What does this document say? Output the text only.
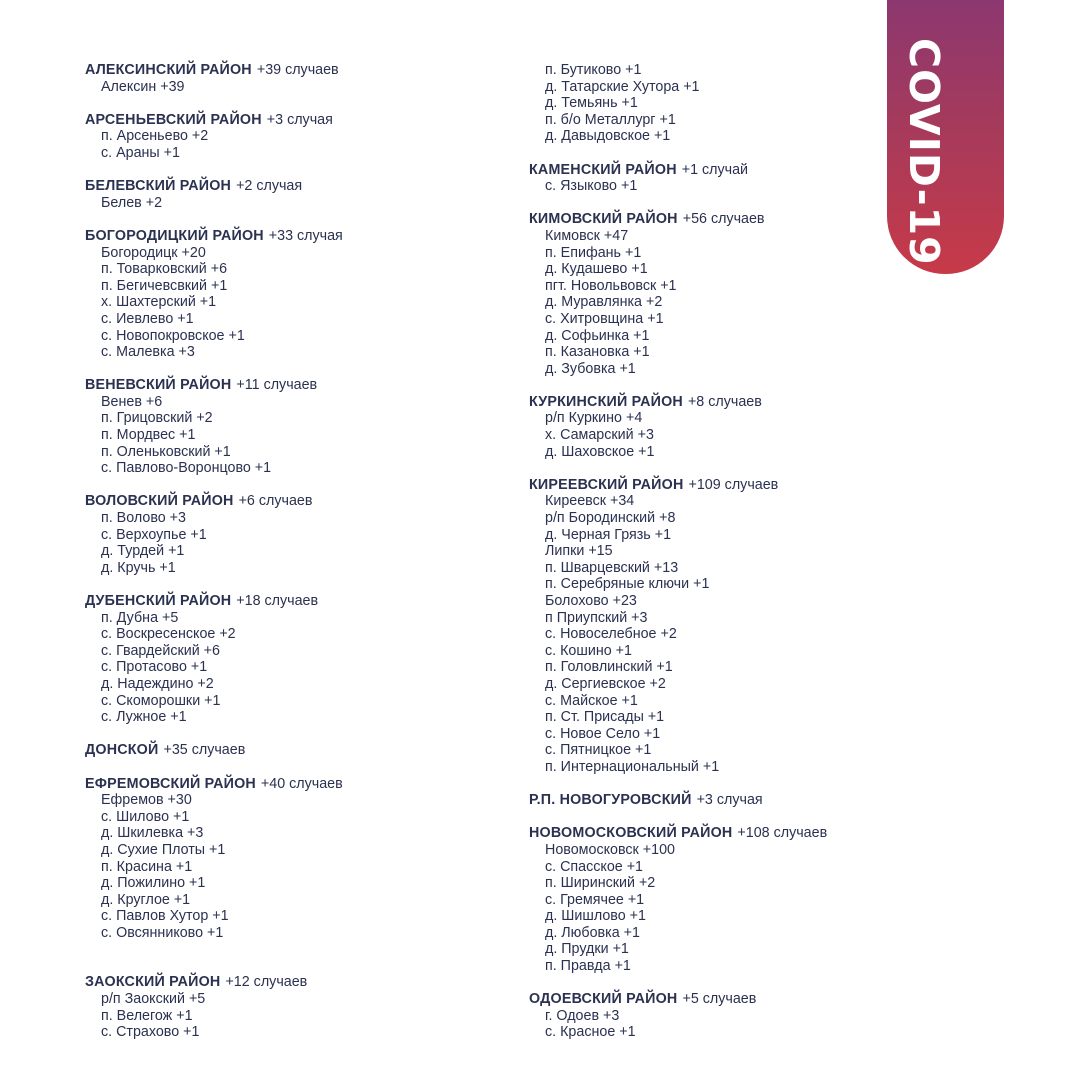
COVID-19
АЛЕКСИНСКИЙ РАЙОН +39 случаев
Алексин +39
АРСЕНЬЕВСКИЙ РАЙОН +3 случая
п. Арсеньево +2
с. Араны +1
БЕЛЕВСКИЙ РАЙОН +2 случая
Белев +2
БОГОРОДИЦКИЙ РАЙОН +33 случая
Богородицк +20
п. Товарковский +6
п. Бегичевсвкий +1
х. Шахтерский +1
с. Иевлево +1
с. Новопокровское +1
с. Малевка +3
ВЕНЕВСКИЙ РАЙОН +11 случаев
Венев +6
п. Грицовский +2
п. Мордвес +1
п. Оленьковский +1
с. Павлово-Воронцово +1
ВОЛОВСКИЙ РАЙОН +6 случаев
п. Волово +3
с. Верхоупье +1
д. Турдей +1
д. Кручь +1
ДУБЕНСКИЙ РАЙОН +18 случаев
п. Дубна +5
с. Воскресенское +2
с. Гвардейский +6
с. Протасово +1
д. Надеждино +2
с. Скоморошки +1
с. Лужное +1
ДОНСКОЙ +35 случаев
ЕФРЕМОВСКИЙ РАЙОН +40 случаев
Ефремов +30
с. Шилово +1
д. Шкилевка +3
д. Сухие Плоты +1
п. Красина +1
д. Пожилино +1
д. Круглое +1
с. Павлов Хутор +1
с. Овсянниково +1
ЗАОКСКИЙ РАЙОН +12 случаев
р/п Заокский +5
п. Велегож +1
с. Страхово +1
п. Бутиково +1
д. Татарские Хутора +1
д. Темьянь +1
п. б/о Металлург +1
д. Давыдовское +1
КАМЕНСКИЙ РАЙОН +1 случай
с. Языково +1
КИМОВСКИЙ РАЙОН +56 случаев
Кимовск +47
п. Епифань +1
д. Кудашево +1
пгт. Новольвовск +1
д. Муравлянка +2
с. Хитровщина +1
д. Софьинка +1
п. Казановка +1
д. Зубовка +1
КУРКИНСКИЙ РАЙОН +8 случаев
р/п Куркино +4
х. Самарский +3
д. Шаховское +1
КИРЕЕВСКИЙ РАЙОН +109 случаев
Киреевск +34
р/п Бородинский +8
д. Черная Грязь +1
Липки +15
п. Шварцевский +13
п. Серебряные ключи +1
Болохово +23
п Приупский +3
с. Новоселебное +2
с. Кошино +1
п. Головлинский +1
д. Сергиевское +2
с. Майское +1
п. Ст. Присады +1
с. Новое Село +1
с. Пятницкое +1
п. Интернациональный +1
Р.П. НОВОГУРОВСКИЙ +3 случая
НОВОМОСКОВСКИЙ РАЙОН +108 случаев
Новомосковск +100
с. Спасское +1
п. Ширинский +2
с. Гремячее +1
д. Шишлово +1
д. Любовка +1
д. Прудки +1
п. Правда +1
ОДОЕВСКИЙ РАЙОН +5 случаев
г. Одоев +3
с. Красное +1
